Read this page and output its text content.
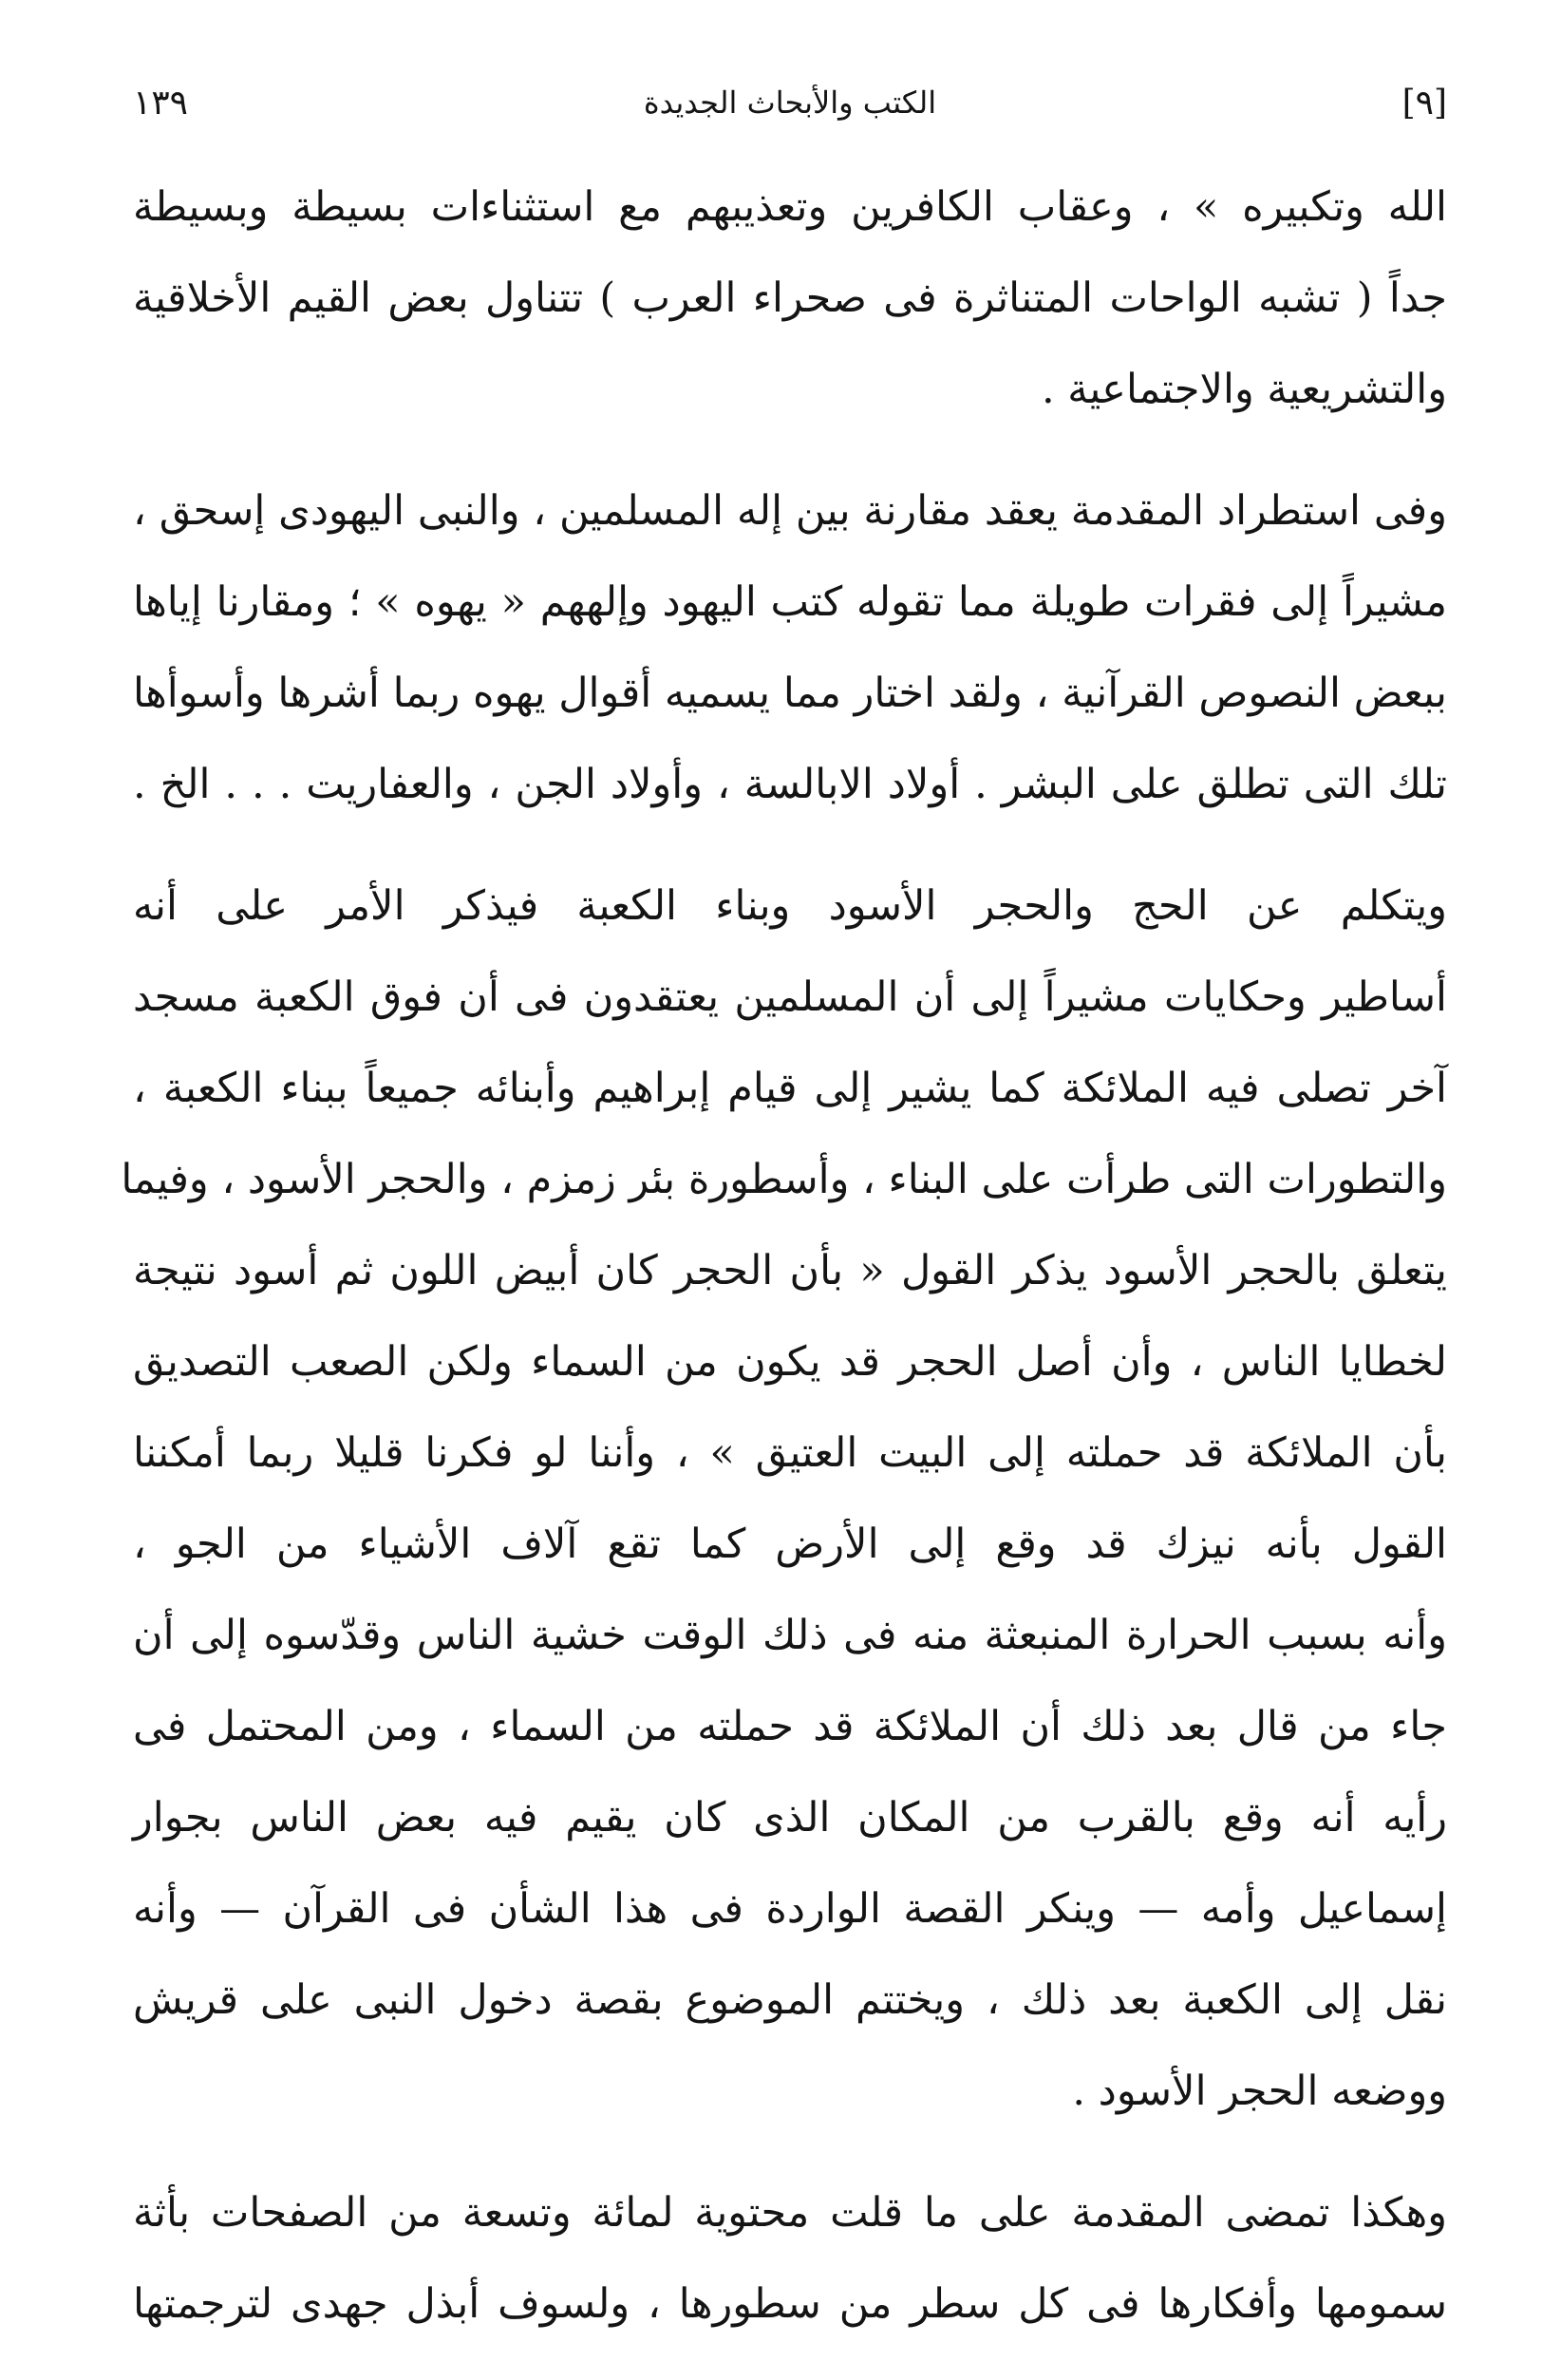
[٩]
الكتب والأبحاث الجديدة
١٣٩
الله وتكبيره » ، وعقاب الكافرين وتعذيبهم مع استثناءات بسيطة وبسيطة
جداً ( تشبه الواحات المتناثرة فى صحراء العرب ) تتناول بعض القيم الأخلاقية
والتشريعية والاجتماعية .
وفى استطراد المقدمة يعقد مقارنة بين إله المسلمين ، والنبى اليهودى إسحق ،
مشيراً إلى فقرات طويلة مما تقوله كتب اليهود وإلههم « يهوه » ؛ ومقارنا إياها
ببعض النصوص القرآنية ، ولقد اختار مما يسميه أقوال يهوه ربما أشرها وأسوأها
تلك التى تطلق على البشر . أولاد الابالسة ، وأولاد الجن ، والعفاريت . . . الخ .
ويتكلم عن الحج والحجر الأسود وبناء الكعبة فيذكر الأمر على أنه
أساطير وحكايات مشيراً إلى أن المسلمين يعتقدون فى أن فوق الكعبة مسجد
آخر تصلى فيه الملائكة كما يشير إلى قيام إبراهيم وأبنائه جميعاً ببناء الكعبة ،
والتطورات التى طرأت على البناء ، وأسطورة بئر زمزم ، والحجر الأسود ، وفيما
يتعلق بالحجر الأسود يذكر القول « بأن الحجر كان أبيض اللون ثم أسود نتيجة
لخطايا الناس ، وأن أصل الحجر قد يكون من السماء ولكن الصعب التصديق
بأن الملائكة قد حملته إلى البيت العتيق » ، وأننا لو فكرنا قليلا ربما أمكننا
القول بأنه نيزك قد وقع إلى الأرض كما تقع آلاف الأشياء من الجو ،
وأنه بسبب الحرارة المنبعثة منه فى ذلك الوقت خشية الناس وقدّسوه إلى أن
جاء من قال بعد ذلك أن الملائكة قد حملته من السماء ، ومن المحتمل فى
رأيه أنه وقع بالقرب من المكان الذى كان يقيم فيه بعض الناس بجوار
إسماعيل وأمه — وينكر القصة الواردة فى هذا الشأن فى القرآن — وأنه
نقل إلى الكعبة بعد ذلك ، ويختتم الموضوع بقصة دخول النبى على قريش
ووضعه الحجر الأسود .
وهكذا تمضى المقدمة على ما قلت محتوية لمائة وتسعة من الصفحات بأثة
سمومها وأفكارها فى كل سطر من سطورها ، ولسوف أبذل جهدى لترجمتها
